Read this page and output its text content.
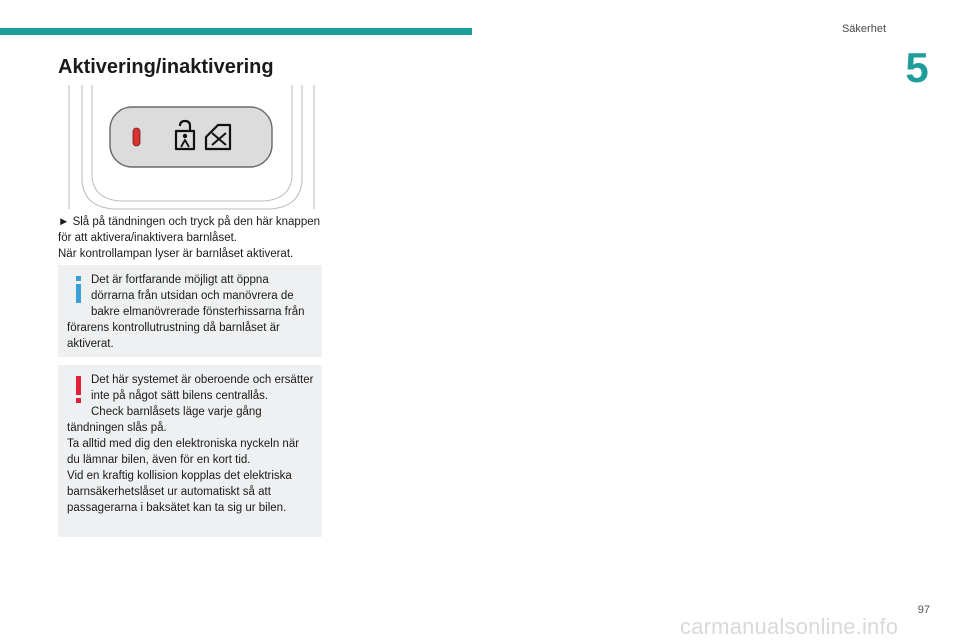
Säkerhet
5
Aktivering/inaktivering

► Slå på tändningen och tryck på den här knappen för att aktivera/inaktivera barnlåset.

När kontrollampan lyser är barnlåset aktiverat.

Det är fortfarande möjligt att öppna dörrarna från utsidan och manövrera de bakre elmanövrerade fönsterhissarna från förarens kontrollutrustning då barnlåset är aktiverat.

Det här systemet är oberoende och ersätter inte på något sätt bilens centrallås.

Check barnlåsets läge varje gång tändningen slås på.

Ta alltid med dig den elektroniska nyckeln när du lämnar bilen, även för en kort tid.

Vid en kraftig kollision kopplas det elektriska barnsäkerhetslåset ur automatiskt så att passagerarna i baksätet kan ta sig ur bilen.

97
carmanualsonline.info
